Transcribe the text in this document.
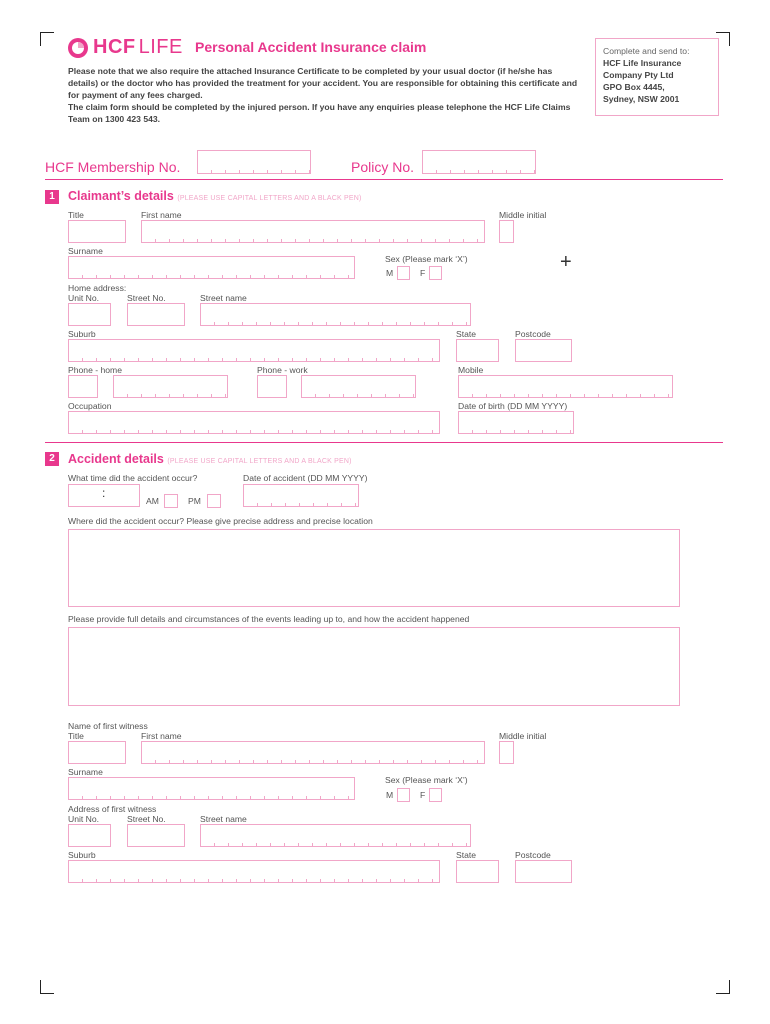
HCF LIFE Personal Accident Insurance claim
Please note that we also require the attached Insurance Certificate to be completed by your usual doctor (if he/she has details) or the doctor who has provided the treatment for your accident. You are responsible for obtaining this certificate and for payment of any fees charged.
The claim form should be completed by the injured person. If you have any enquiries please telephone the HCF Life Claims Team on 1300 423 543.
Complete and send to:
HCF Life Insurance
Company Pty Ltd
GPO Box 4445,
Sydney, NSW 2001
HCF Membership No.	Policy No.
1	Claimant’s details (PLEASE USE CAPITAL LETTERS AND A BLACK PEN)
Title	First name	Middle initial
Surname
Sex (Please mark ‘X’)
M	F	+
Home address:
Unit No.	Street No.	Street name
Suburb	State	Postcode
Phone - home	Phone - work	Mobile
Occupation	Date of birth (DD MM YYYY)
2	Accident details (PLEASE USE CAPITAL LETTERS AND A BLACK PEN)
What time did the accident occur?	Date of accident (DD MM YYYY)
:
AM	PM
Where did the accident occur? Please give precise address and precise location
Please provide full details and circumstances of the events leading up to, and how the accident happened
Name of first witness
Title	First name	Middle initial
Surname
Sex (Please mark ‘X’)
M	F
Address of first witness
Unit No.	Street No.	Street name
Suburb	State	Postcode
